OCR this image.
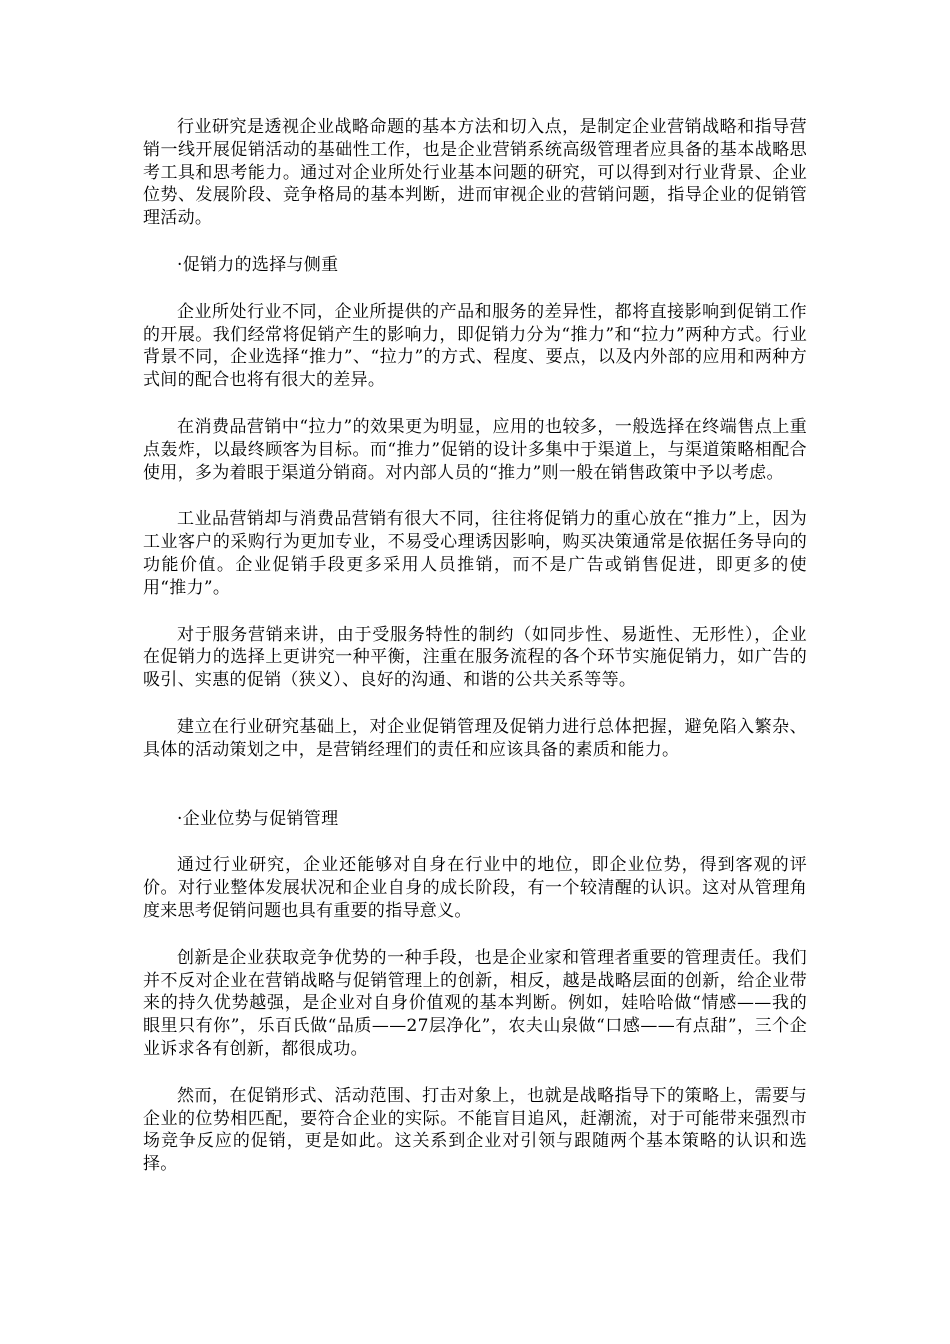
行业研究是透视企业战略命题的基本方法和切入点，是制定企业营销战略和指导营销一线开展促销活动的基础性工作，也是企业营销系统高级管理者应具备的基本战略思考工具和思考能力。通过对企业所处行业基本问题的研究，可以得到对行业背景、企业位势、发展阶段、竞争格局的基本判断，进而审视企业的营销问题，指导企业的促销管理活动。

·促销力的选择与侧重

企业所处行业不同，企业所提供的产品和服务的差异性，都将直接影响到促销工作的开展。我们经常将促销产生的影响力，即促销力分为“推力”和“拉力”两种方式。行业背景不同，企业选择“推力”、“拉力”的方式、程度、要点，以及内外部的应用和两种方式间的配合也将有很大的差异。

在消费品营销中“拉力”的效果更为明显，应用的也较多，一般选择在终端售点上重点轰炸，以最终顾客为目标。而“推力”促销的设计多集中于渠道上，与渠道策略相配合使用，多为着眼于渠道分销商。对内部人员的“推力”则一般在销售政策中予以考虑。

工业品营销却与消费品营销有很大不同，往往将促销力的重心放在“推力”上，因为工业客户的采购行为更加专业，不易受心理诱因影响，购买决策通常是依据任务导向的功能价值。企业促销手段更多采用人员推销，而不是广告或销售促进，即更多的使用“推力”。

对于服务营销来讲，由于受服务特性的制约（如同步性、易逝性、无形性），企业在促销力的选择上更讲究一种平衡，注重在服务流程的各个环节实施促销力，如广告的吸引、实惠的促销（狭义）、良好的沟通、和谐的公共关系等等。

建立在行业研究基础上，对企业促销管理及促销力进行总体把握，避免陷入繁杂、具体的活动策划之中，是营销经理们的责任和应该具备的素质和能力。

·企业位势与促销管理

通过行业研究，企业还能够对自身在行业中的地位，即企业位势，得到客观的评价。对行业整体发展状况和企业自身的成长阶段，有一个较清醒的认识。这对从管理角度来思考促销问题也具有重要的指导意义。

创新是企业获取竞争优势的一种手段，也是企业家和管理者重要的管理责任。我们并不反对企业在营销战略与促销管理上的创新，相反，越是战略层面的创新，给企业带来的持久优势越强，是企业对自身价值观的基本判断。例如，娃哈哈做“情感——我的眼里只有你”，乐百氏做“品质——27层净化”，农夫山泉做“口感——有点甜”，三个企业诉求各有创新，都很成功。

然而，在促销形式、活动范围、打击对象上，也就是战略指导下的策略上，需要与企业的位势相匹配，要符合企业的实际。不能盲目追风，赶潮流，对于可能带来强烈市场竞争反应的促销，更是如此。这关系到企业对引领与跟随两个基本策略的认识和选择。
